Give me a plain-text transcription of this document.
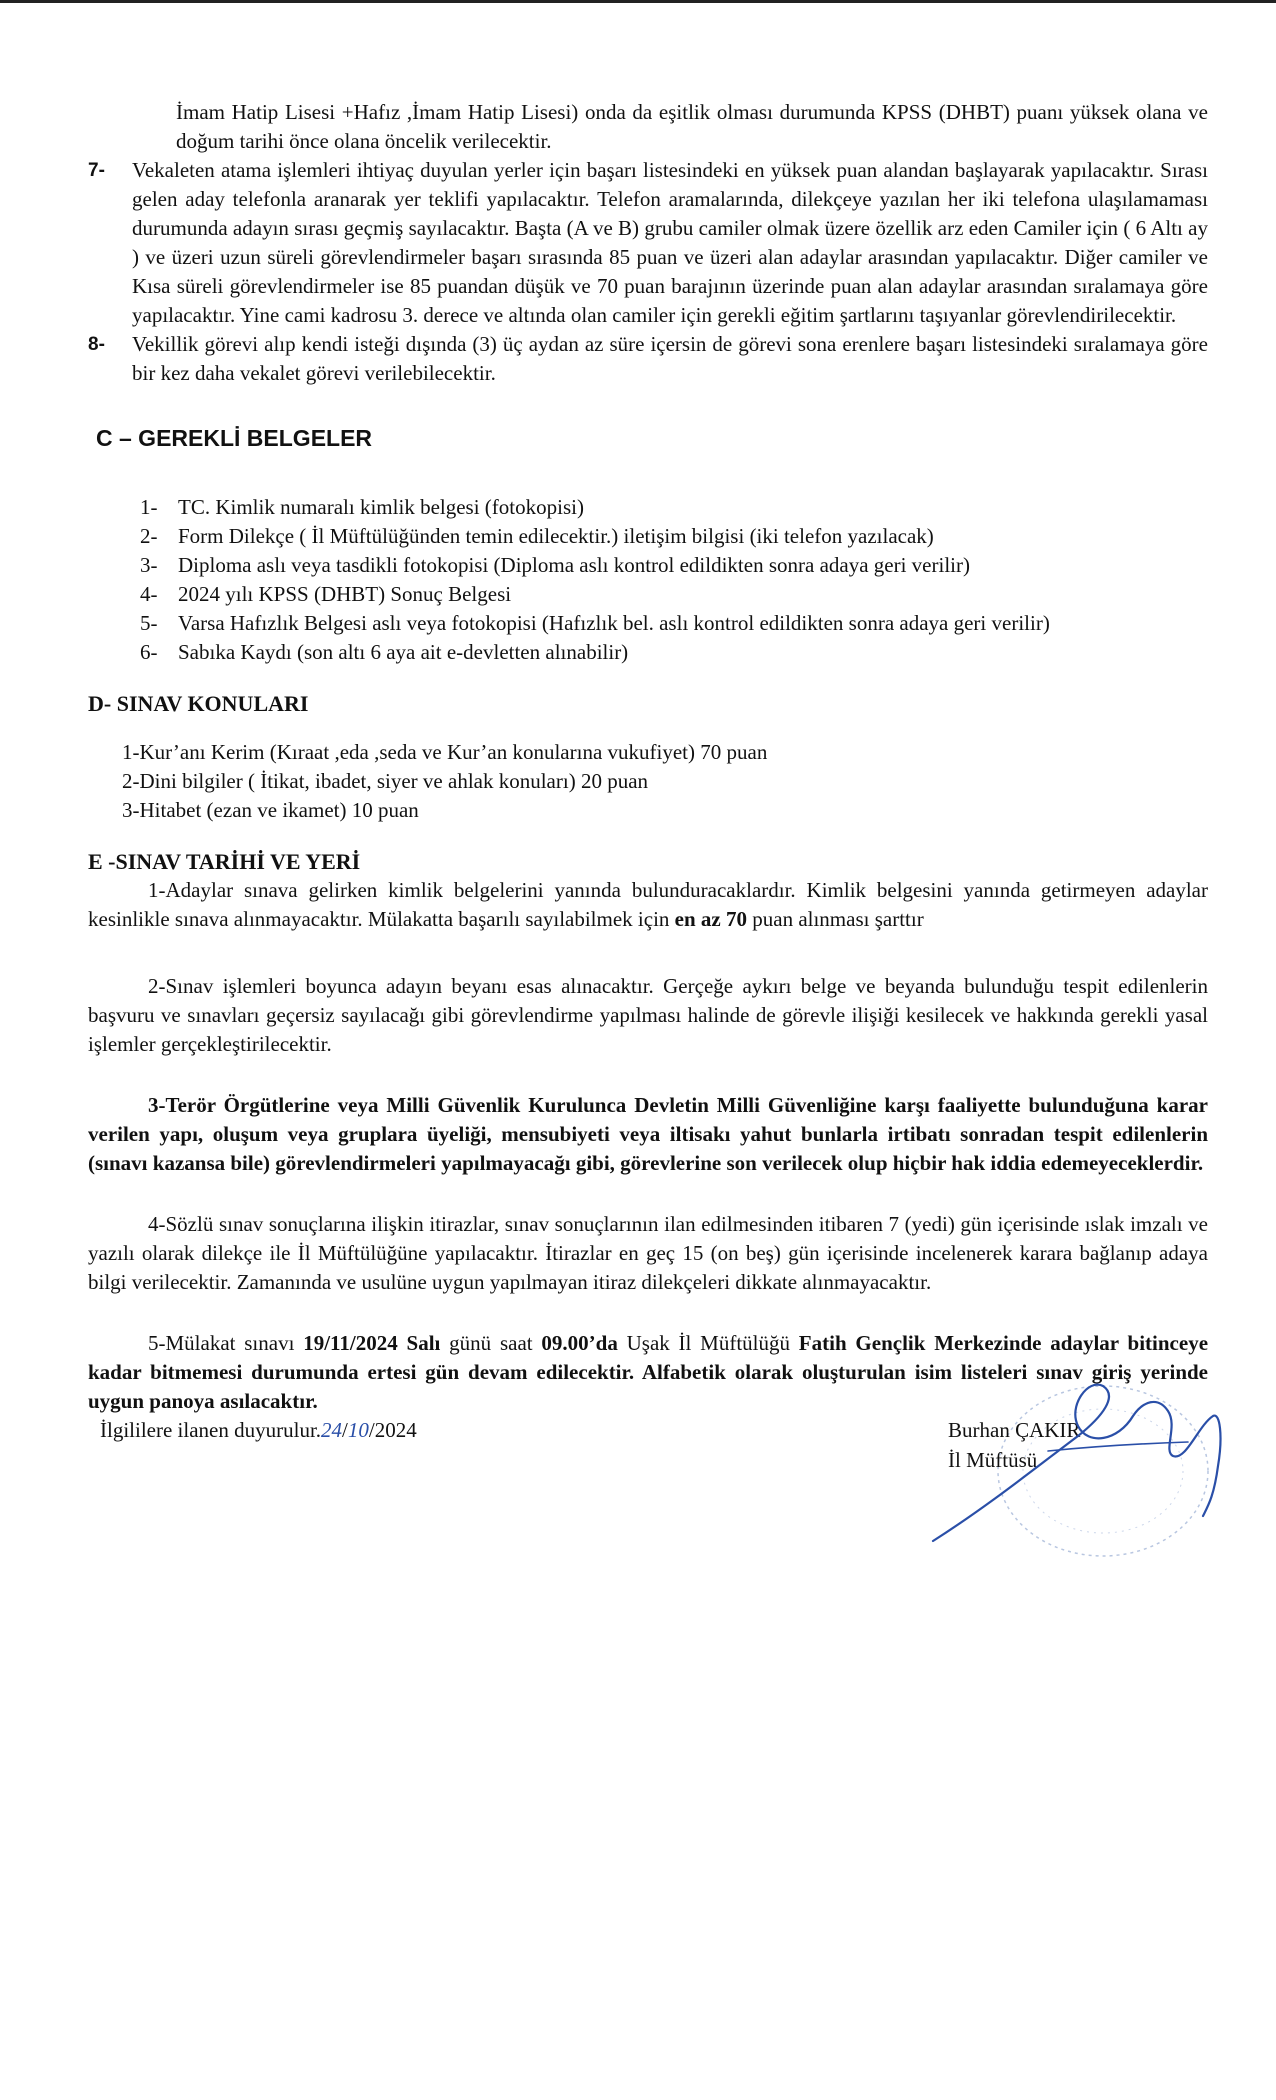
İmam Hatip Lisesi +Hafız ,İmam Hatip Lisesi) onda da eşitlik olması durumunda KPSS (DHBT) puanı yüksek olana ve doğum tarihi önce olana öncelik verilecektir.

7-	Vekaleten atama işlemleri ihtiyaç duyulan yerler için başarı listesindeki en yüksek puan alandan başlayarak yapılacaktır. Sırası gelen aday telefonla aranarak yer teklifi yapılacaktır. Telefon aramalarında, dilekçeye yazılan her iki telefona ulaşılamaması durumunda adayın sırası geçmiş sayılacaktır. Başta (A ve B) grubu camiler olmak üzere özellik arz eden Camiler için ( 6 Altı ay ) ve üzeri uzun süreli görevlendirmeler başarı sırasında 85 puan ve üzeri alan adaylar arasından yapılacaktır. Diğer camiler ve Kısa süreli görevlendirmeler ise 85 puandan düşük ve 70 puan barajının üzerinde puan alan adaylar arasından sıralamaya göre yapılacaktır. Yine cami kadrosu 3. derece ve altında olan camiler için gerekli eğitim şartlarını taşıyanlar görevlendirilecektir.
8-	Vekillik görevi alıp kendi isteği dışında (3) üç aydan az süre içersin de görevi sona erenlere başarı listesindeki sıralamaya göre bir kez daha vekalet görevi verilebilecektir.
C – GEREKLİ BELGELER
1- TC. Kimlik numaralı kimlik belgesi (fotokopisi)
2- Form Dilekçe ( İl Müftülüğünden temin edilecektir.) iletişim bilgisi (iki telefon yazılacak)
3- Diploma aslı veya tasdikli fotokopisi (Diploma aslı kontrol edildikten sonra adaya geri verilir)
4- 2024 yılı KPSS (DHBT) Sonuç Belgesi
5- Varsa Hafızlık Belgesi aslı veya fotokopisi (Hafızlık bel. aslı kontrol edildikten sonra adaya geri verilir)
6- Sabıka Kaydı (son altı 6 aya ait e-devletten alınabilir)
D- SINAV KONULARI
1-Kur’anı Kerim (Kıraat ,eda ,seda ve Kur’an konularına vukufiyet) 70 puan
2-Dini bilgiler ( İtikat, ibadet, siyer ve ahlak konuları) 20 puan
3-Hitabet (ezan ve ikamet) 10 puan
E -SINAV TARİHİ VE YERİ

1-Adaylar sınava gelirken kimlik belgelerini yanında bulunduracaklardır. Kimlik belgesini yanında getirmeyen adaylar kesinlikle sınava alınmayacaktır. Mülakatta başarılı sayılabilmek için en az 70 puan alınması şarttır

2-Sınav işlemleri boyunca adayın beyanı esas alınacaktır. Gerçeğe aykırı belge ve beyanda bulunduğu tespit edilenlerin başvuru ve sınavları geçersiz sayılacağı gibi görevlendirme yapılması halinde de görevle ilişiği kesilecek ve hakkında gerekli yasal işlemler gerçekleştirilecektir.

3-Terör Örgütlerine veya Milli Güvenlik Kurulunca Devletin Milli Güvenliğine karşı faaliyette bulunduğuna karar verilen yapı, oluşum veya gruplara üyeliği, mensubiyeti veya iltisakı yahut bunlarla irtibatı sonradan tespit edilenlerin (sınavı kazansa bile) görevlendirmeleri yapılmayacağı gibi, görevlerine son verilecek olup hiçbir hak iddia edemeyeceklerdir.

4-Sözlü sınav sonuçlarına ilişkin itirazlar, sınav sonuçlarının ilan edilmesinden itibaren 7 (yedi) gün içerisinde ıslak imzalı ve yazılı olarak dilekçe ile İl Müftülüğüne yapılacaktır. İtirazlar en geç 15 (on beş) gün içerisinde incelenerek karara bağlanıp adaya bilgi verilecektir. Zamanında ve usulüne uygun yapılmayan itiraz dilekçeleri dikkate alınmayacaktır.

5-Mülakat sınavı 19/11/2024 Salı günü saat 09.00’da Uşak İl Müftülüğü Fatih Gençlik Merkezinde adaylar bitinceye kadar bitmemesi durumunda ertesi gün devam edilecektir. Alfabetik olarak oluşturulan isim listeleri sınav giriş yerinde uygun panoya asılacaktır.

İlgililere ilanen duyurulur.24/10/2024	Burhan ÇAKIR
İl Müftüsü
